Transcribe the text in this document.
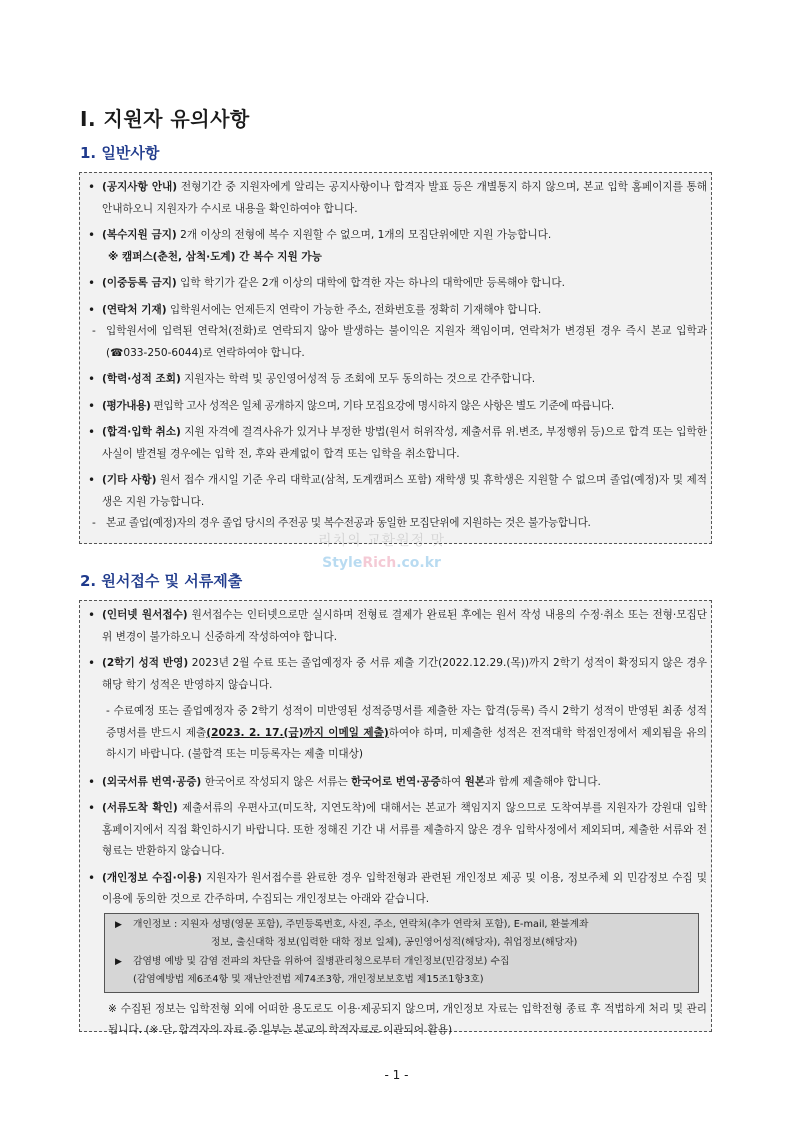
Ⅰ. 지원자 유의사항
1. 일반사항
• (공지사항 안내) 전형기간 중 지원자에게 알리는 공지사항이나 합격자 발표 등은 개별통지 하지 않으며, 본교 입학 홈페이지를 통해 안내하오니 지원자가 수시로 내용을 확인하여야 합니다.
• (복수지원 금지) 2개 이상의 전형에 복수 지원할 수 없으며, 1개의 모집단위에만 지원 가능합니다.
※ 캠퍼스(춘천, 삼척·도계) 간 복수 지원 가능
• (이중등록 금지) 입학 학기가 같은 2개 이상의 대학에 합격한 자는 하나의 대학에만 등록해야 합니다.
• (연락처 기재) 입학원서에는 언제든지 연락이 가능한 주소, 전화번호를 정확히 기재해야 합니다.
- 입학원서에 입력된 연락처(전화)로 연락되지 않아 발생하는 불이익은 지원자 책임이며, 연락처가 변경된 경우 즉시 본교 입학과(☎033-250-6044)로 연락하여야 합니다.
• (학력·성적 조회) 지원자는 학력 및 공인영어성적 등 조회에 모두 동의하는 것으로 간주합니다.
• (평가내용) 편입학 고사 성적은 일체 공개하지 않으며, 기타 모집요강에 명시하지 않은 사항은 별도 기준에 따릅니다.
• (합격·입학 취소) 지원 자격에 결격사유가 있거나 부정한 방법(원서 허위작성, 제출서류 위.변조, 부정행위 등)으로 합격 또는 입학한 사실이 발견될 경우에는 입학 전, 후와 관계없이 합격 또는 입학을 취소합니다.
• (기타 사항) 원서 접수 개시일 기준 우리 대학교(삼척, 도계캠퍼스 포함) 재학생 및 휴학생은 지원할 수 없으며 졸업(예정)자 및 제적생은 지원 가능합니다.
- 본교 졸업(예정)자의 경우 졸업 당시의 주전공 및 복수전공과 동일한 모집단위에 지원하는 것은 불가능합니다.
리치의 교환원정 맛
StyleRich.co.kr
2. 원서접수 및 서류제출
• (인터넷 원서접수) 원서접수는 인터넷으로만 실시하며 전형료 결제가 완료된 후에는 원서 작성 내용의 수정·취소 또는 전형·모집단위 변경이 불가하오니 신중하게 작성하여야 합니다.
• (2학기 성적 반영) 2023년 2월 수료 또는 졸업예정자 중 서류 제출 기간(2022.12.29.(목))까지 2학기 성적이 확정되지 않은 경우 해당 학기 성적은 반영하지 않습니다.
- 수료예정 또는 졸업예정자 중 2학기 성적이 미반영된 성적증명서를 제출한 자는 합격(등록) 즉시 2학기 성적이 반영된 최종 성적증명서를 반드시 제출(2023. 2. 17.(금)까지 이메일 제출)하여야 하며, 미제출한 성적은 전적대학 학점인정에서 제외됨을 유의하시기 바랍니다. (불합격 또는 미등록자는 제출 미대상)
• (외국서류 번역·공증) 한국어로 작성되지 않은 서류는 한국어로 번역·공증하여 원본과 함께 제출해야 합니다.
• (서류도착 확인) 제출서류의 우편사고(미도착, 지연도착)에 대해서는 본교가 책임지지 않으므로 도착여부를 지원자가 강원대 입학 홈페이지에서 직접 확인하시기 바랍니다. 또한 정해진 기간 내 서류를 제출하지 않은 경우 입학사정에서 제외되며, 제출한 서류와 전형료는 반환하지 않습니다.
• (개인정보 수집·이용) 지원자가 원서접수를 완료한 경우 입학전형과 관련된 개인정보 제공 및 이용, 정보주체 외 민감정보 수집 및 이용에 동의한 것으로 간주하며, 수집되는 개인정보는 아래와 같습니다.
▶ 개인정보 : 지원자 성명(영문 포함), 주민등록번호, 사진, 주소, 연락처(추가 연락처 포함), E-mail, 환불계좌
정보, 출신대학 정보(입력한 대학 정보 일체), 공인영어성적(해당자), 취업정보(해당자)
▶ 감염병 예방 및 감염 전파의 차단을 위하여 질병관리청으로부터 개인정보(민감정보) 수집
(감염예방법 제6조4항 및 재난안전법 제74조3항, 개인정보보호법 제15조1항3호)
※ 수집된 정보는 입학전형 외에 어떠한 용도로도 이용·제공되지 않으며, 개인정보 자료는 입학전형 종료 후 적법하게 처리 및 관리됩니다. (※ 단, 합격자의 자료 중 일부는 본교의 학적자료로 이관되어 활용)
- 1 -
